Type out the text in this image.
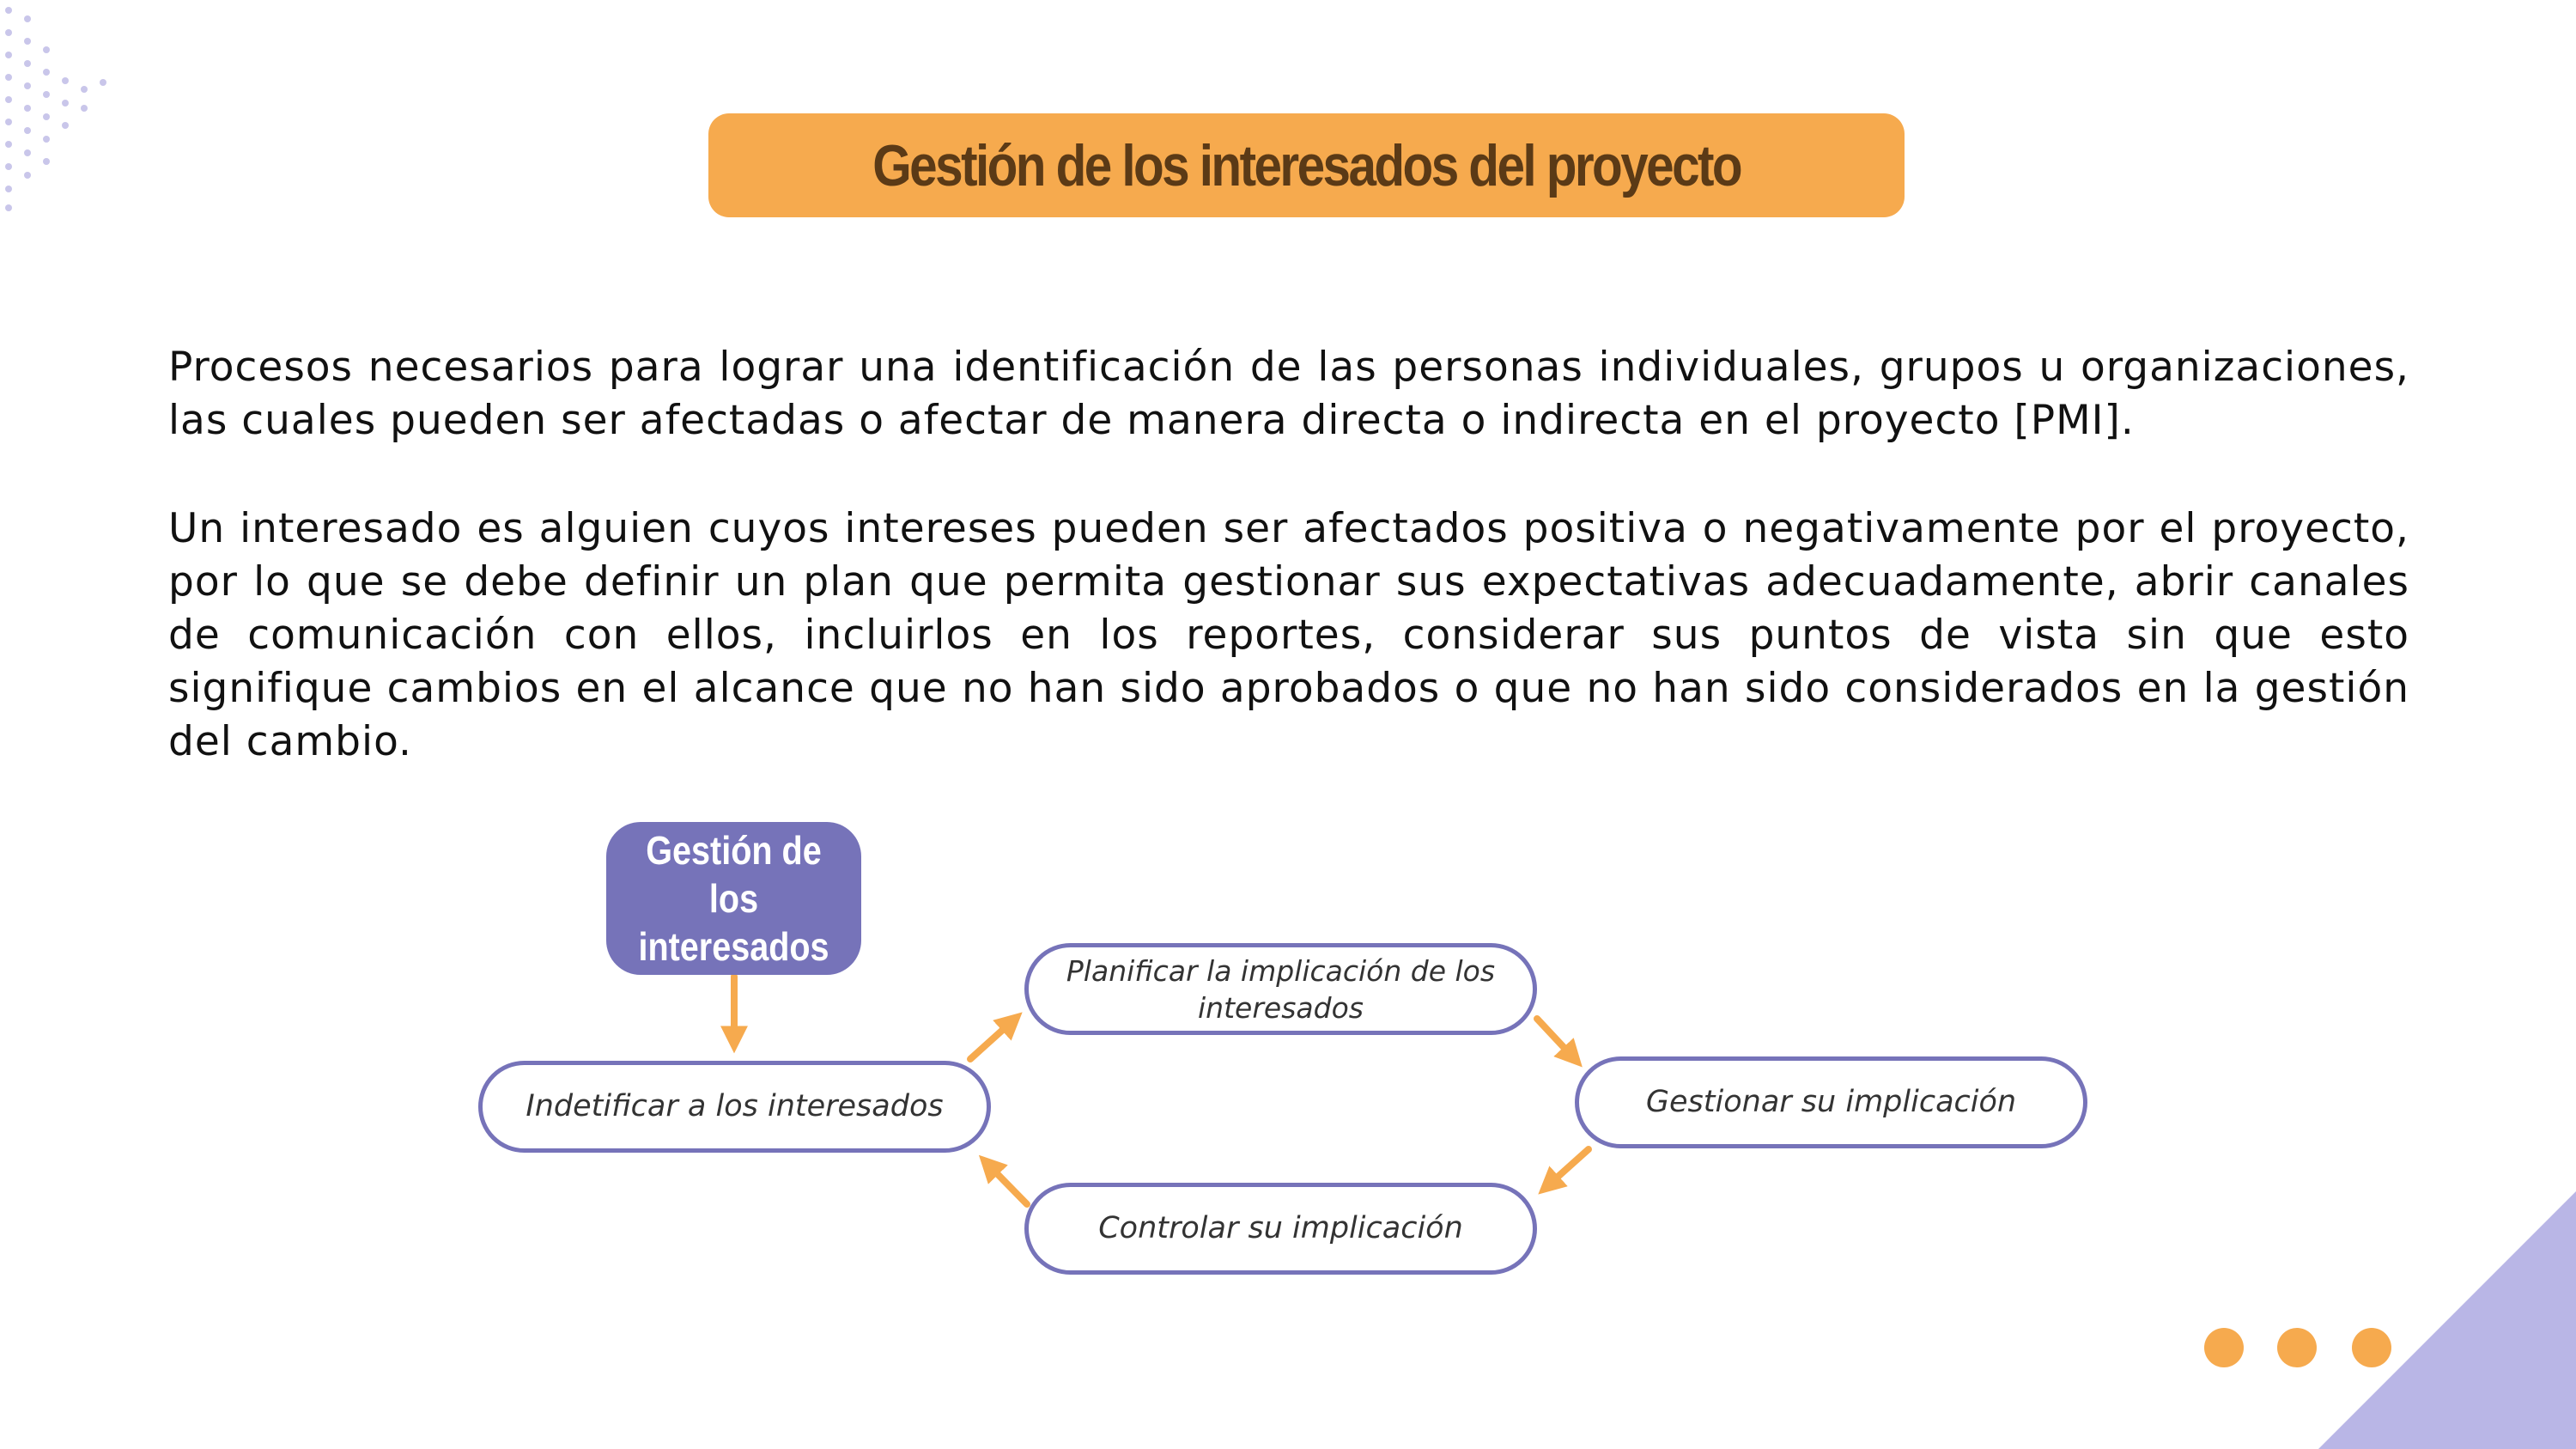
Gestión de los interesados del proyecto

Procesos necesarios para lograr una identificación de las personas individuales, grupos u organizaciones, las cuales pueden ser afectadas o afectar de manera directa o indirecta en el proyecto [PMI].

Un interesado es alguien cuyos intereses pueden ser afectados positiva o negativamente por el proyecto, por lo que se debe definir un plan que permita gestionar sus expectativas adecuadamente, abrir canales de comunicación con ellos, incluirlos en los reportes, considerar sus puntos de vista sin que esto signifique cambios en el alcance que no han sido aprobados o que no han sido considerados en la gestión del cambio.

Gestión de los
interesados
Indetificar a los interesados
Planificar la implicación de los
interesados
Gestionar su implicación
Controlar su implicación
